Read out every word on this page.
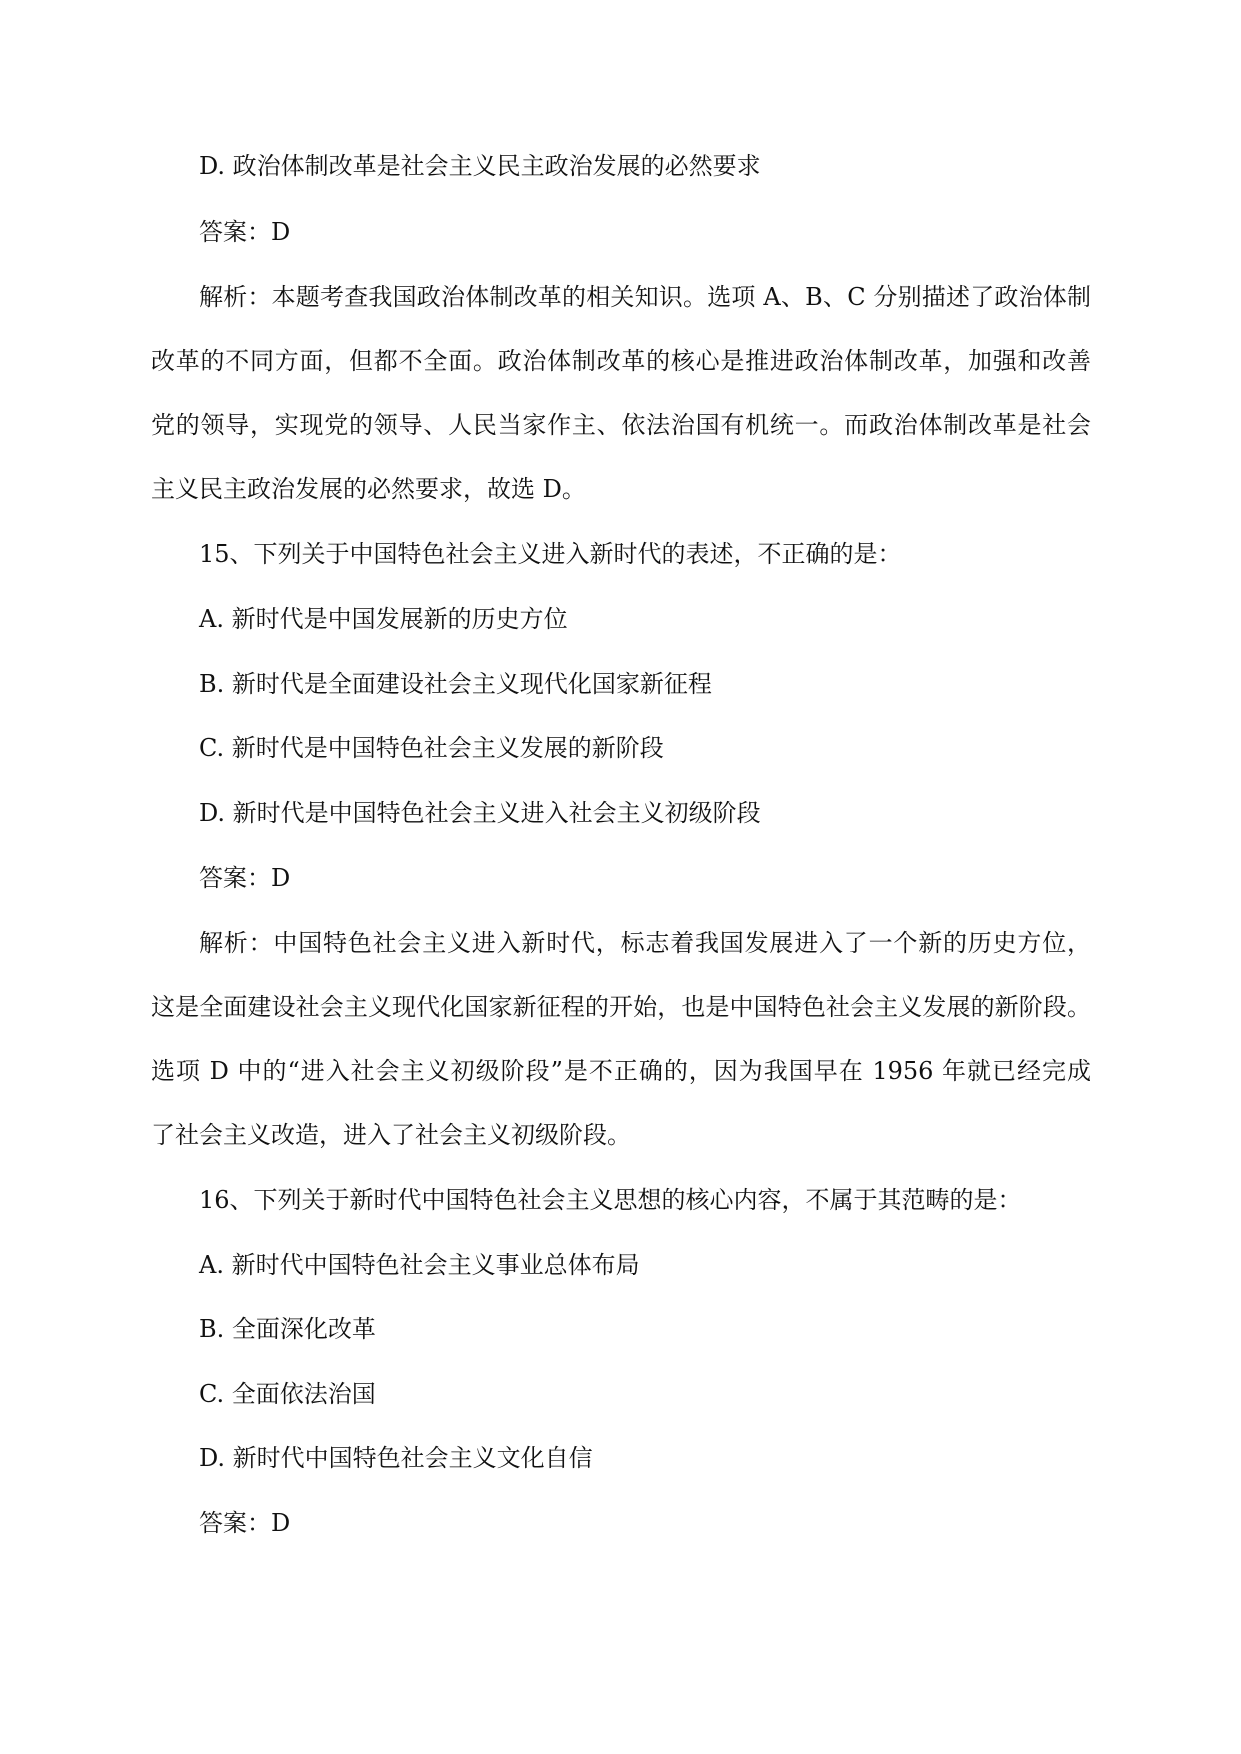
D. 政治体制改革是社会主义民主政治发展的必然要求
答案：D
解析：本题考查我国政治体制改革的相关知识。选项 A、B、C 分别描述了政治体制
改革的不同方面，但都不全面。政治体制改革的核心是推进政治体制改革，加强和改善
党的领导，实现党的领导、人民当家作主、依法治国有机统一。而政治体制改革是社会
主义民主政治发展的必然要求，故选 D。
15、下列关于中国特色社会主义进入新时代的表述，不正确的是：
A. 新时代是中国发展新的历史方位
B. 新时代是全面建设社会主义现代化国家新征程
C. 新时代是中国特色社会主义发展的新阶段
D. 新时代是中国特色社会主义进入社会主义初级阶段
答案：D
解析：中国特色社会主义进入新时代，标志着我国发展进入了一个新的历史方位，
这是全面建设社会主义现代化国家新征程的开始，也是中国特色社会主义发展的新阶段。
选项 D 中的“进入社会主义初级阶段”是不正确的，因为我国早在 1956 年就已经完成
了社会主义改造，进入了社会主义初级阶段。
16、下列关于新时代中国特色社会主义思想的核心内容，不属于其范畴的是：
A. 新时代中国特色社会主义事业总体布局
B. 全面深化改革
C. 全面依法治国
D. 新时代中国特色社会主义文化自信
答案：D
